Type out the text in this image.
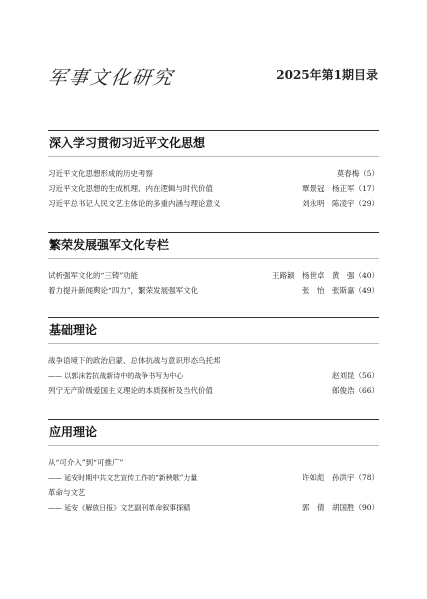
军事文化研究	2025年第1期目录
深入学习贯彻习近平文化思想
习近平文化思想形成的历史考察	莫春梅（5）
习近平文化思想的生成机理、内在逻辑与时代价值	覃景冠　杨正军（17）
习近平总书记人民文艺主体论的多重内涵与理论意义	刘永明　陈凌宇（29）
繁荣发展强军文化专栏
试析强军文化的“三铸”功能	王路颖　杨世卓　黄　强（40）
着力提升新闻舆论“四力”，繁荣发展强军文化	张　怡　张斯嘉（49）
基础理论
战争语境下的政治启蒙、总体抗战与意识形态乌托邦
—— 以郭沫若抗战新诗中的战争书写为中心	赵刘昆（56）
列宁无产阶级爱国主义理论的本质探析及当代价值	郎俊浩（66）
应用理论
从“可介入”到“可推广”
—— 延安时期中共文艺宣传工作的“新秧歌”力量	许如彪　孙洪宇（78）
革命与文艺
—— 延安《解放日报》文艺副刊革命叙事探赜	郭　倩　胡国胜（90）
